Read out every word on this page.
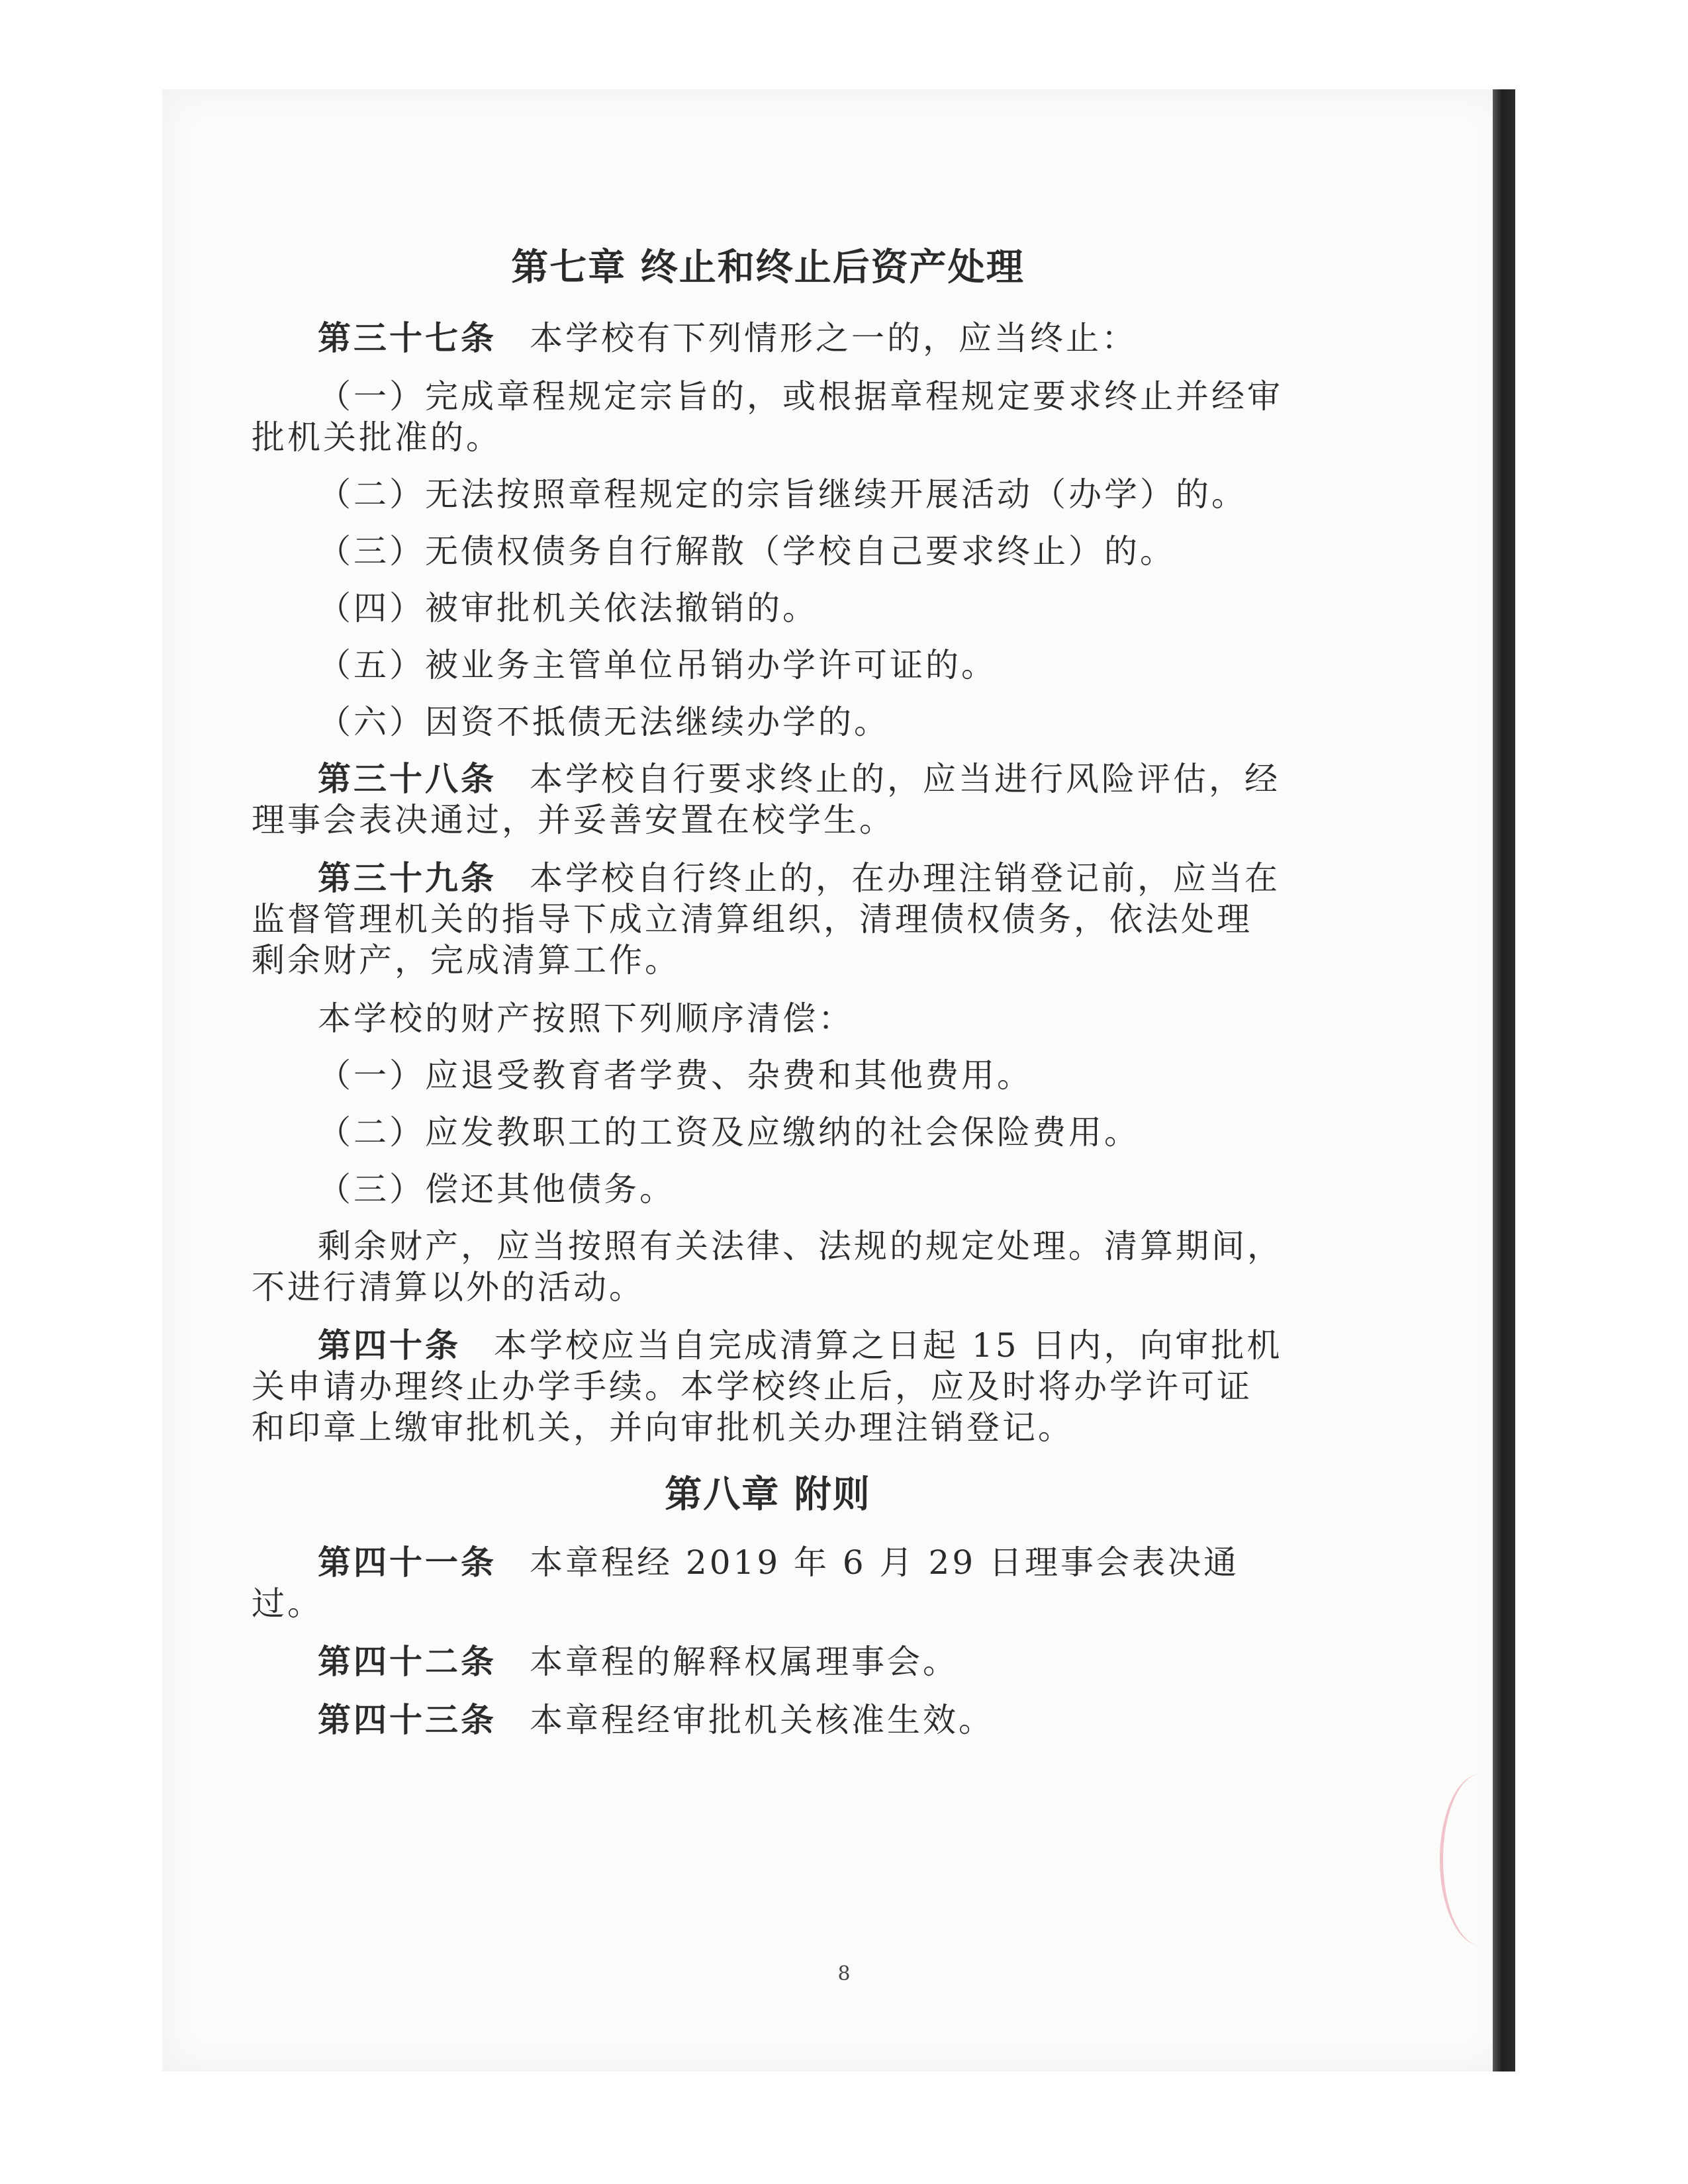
第七章 终止和终止后资产处理

第三十七条 本学校有下列情形之一的，应当终止：

（一）完成章程规定宗旨的，或根据章程规定要求终止并经审批机关批准的。

（二）无法按照章程规定的宗旨继续开展活动（办学）的。

（三）无债权债务自行解散（学校自己要求终止）的。

（四）被审批机关依法撤销的。

（五）被业务主管单位吊销办学许可证的。

（六）因资不抵债无法继续办学的。

第三十八条 本学校自行要求终止的，应当进行风险评估，经理事会表决通过，并妥善安置在校学生。

第三十九条 本学校自行终止的，在办理注销登记前，应当在监督管理机关的指导下成立清算组织，清理债权债务，依法处理剩余财产，完成清算工作。

本学校的财产按照下列顺序清偿：

（一）应退受教育者学费、杂费和其他费用。

（二）应发教职工的工资及应缴纳的社会保险费用。

（三）偿还其他债务。

剩余财产，应当按照有关法律、法规的规定处理。清算期间，不进行清算以外的活动。

第四十条 本学校应当自完成清算之日起 15 日内，向审批机关申请办理终止办学手续。本学校终止后，应及时将办学许可证和印章上缴审批机关，并向审批机关办理注销登记。

第八章 附则

第四十一条 本章程经 2019 年 6 月 29 日理事会表决通过。

第四十二条 本章程的解释权属理事会。

第四十三条 本章程经审批机关核准生效。

8
